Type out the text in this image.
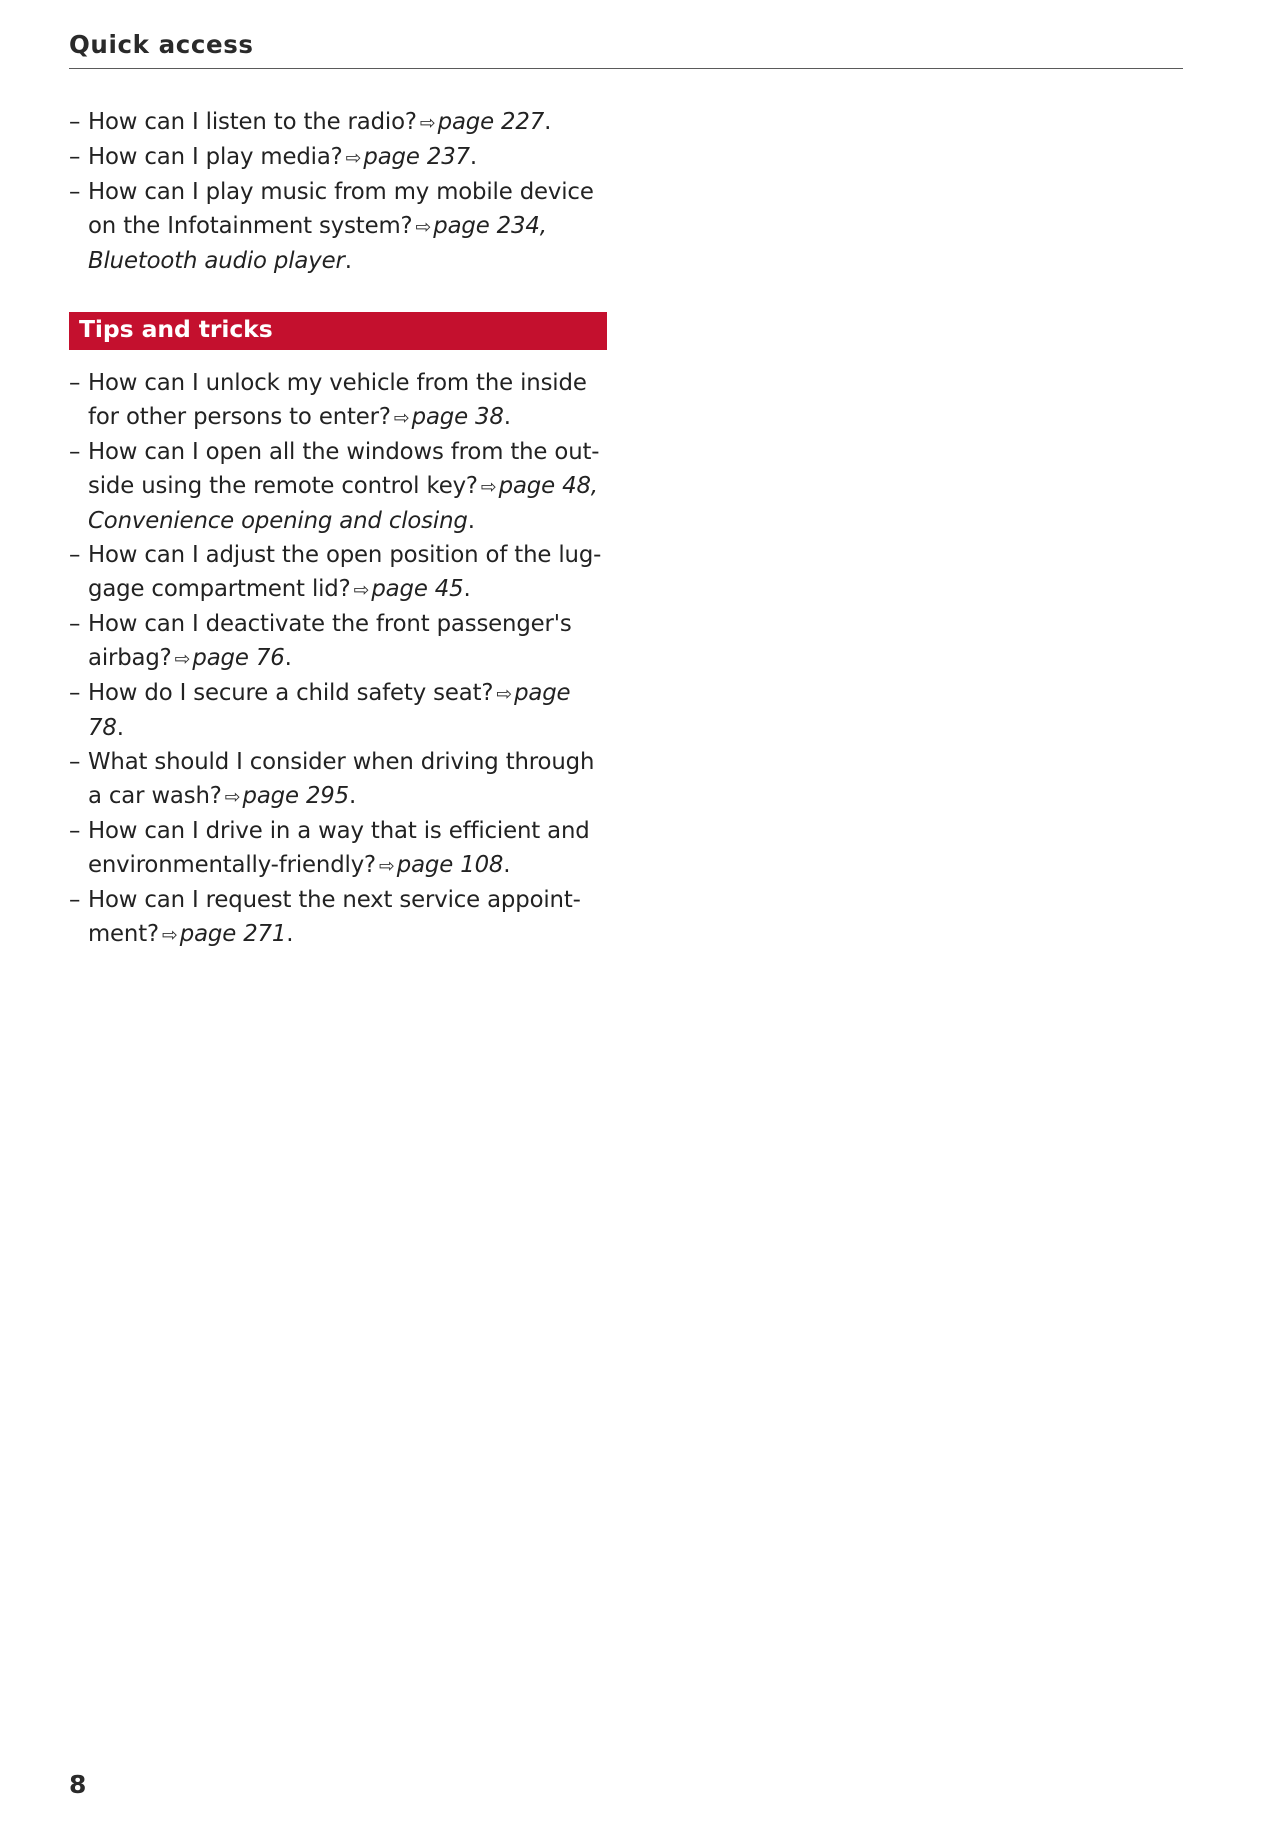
Quick access
– How can I listen to the radio? ⇨page 227.
– How can I play media? ⇨page 237.
– How can I play music from my mobile device on the Infotainment system? ⇨page 234, Bluetooth audio player.
Tips and tricks
– How can I unlock my vehicle from the inside for other persons to enter? ⇨page 38.
– How can I open all the windows from the outside using the remote control key? ⇨page 48, Convenience opening and closing.
– How can I adjust the open position of the luggage compartment lid? ⇨page 45.
– How can I deactivate the front passenger's airbag? ⇨page 76.
– How do I secure a child safety seat? ⇨page 78.
– What should I consider when driving through a car wash? ⇨page 295.
– How can I drive in a way that is efficient and environmentally-friendly? ⇨page 108.
– How can I request the next service appointment? ⇨page 271.
8
